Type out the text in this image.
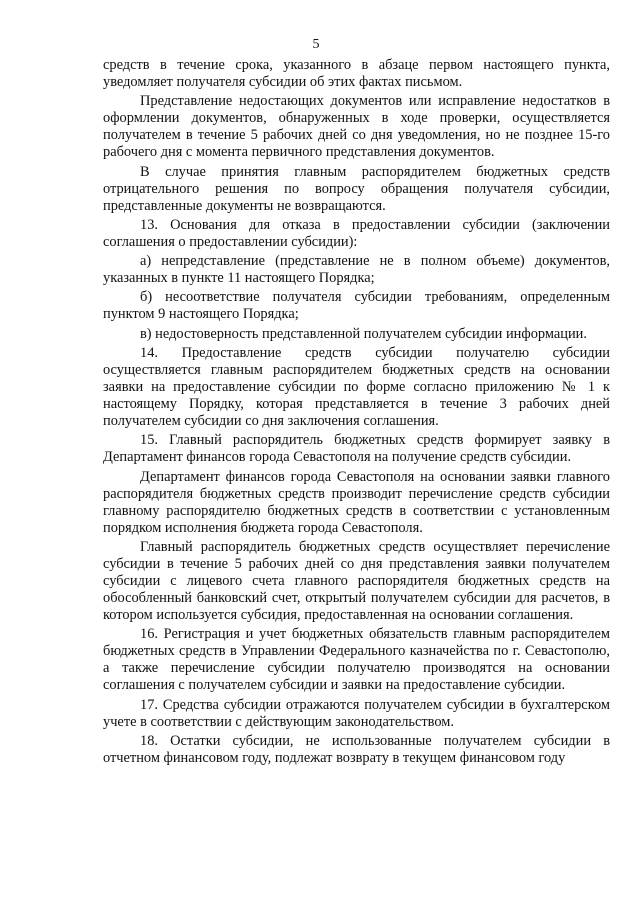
5

средств в течение срока, указанного в абзаце первом настоящего пункта, уведомляет получателя субсидии об этих фактах письмом.

Представление недостающих документов или исправление недостатков в оформлении документов, обнаруженных в ходе проверки, осуществляется получателем в течение 5 рабочих дней со дня уведомления, но не позднее 15-го рабочего дня с момента первичного представления документов.

В случае принятия главным распорядителем бюджетных средств отрицательного решения по вопросу обращения получателя субсидии, представленные документы не возвращаются.

13. Основания для отказа в предоставлении субсидии (заключении соглашения о предоставлении субсидии):

а) непредставление (представление не в полном объеме) документов, указанных в пункте 11 настоящего Порядка;

б) несоответствие получателя субсидии требованиям, определенным пунктом 9 настоящего Порядка;

в) недостоверность представленной получателем субсидии информации.

14. Предоставление средств субсидии получателю субсидии осуществляется главным распорядителем бюджетных средств на основании заявки на предоставление субсидии по форме согласно приложению № 1 к настоящему Порядку, которая представляется в течение 3 рабочих дней получателем субсидии со дня заключения соглашения.

15. Главный распорядитель бюджетных средств формирует заявку в Департамент финансов города Севастополя на получение средств субсидии.

Департамент финансов города Севастополя на основании заявки главного распорядителя бюджетных средств производит перечисление средств субсидии главному распорядителю бюджетных средств в соответствии с установленным порядком исполнения бюджета города Севастополя.

Главный распорядитель бюджетных средств осуществляет перечисление субсидии в течение 5 рабочих дней со дня представления заявки получателем субсидии с лицевого счета главного распорядителя бюджетных средств на обособленный банковский счет, открытый получателем субсидии для расчетов, в котором используется субсидия, предоставленная на основании соглашения.

16. Регистрация и учет бюджетных обязательств главным распорядителем бюджетных средств в Управлении Федерального казначейства по г. Севастополю, а также перечисление субсидии получателю производятся на основании соглашения с получателем субсидии и заявки на предоставление субсидии.

17. Средства субсидии отражаются получателем субсидии в бухгалтерском учете в соответствии с действующим законодательством.

18. Остатки субсидии, не использованные получателем субсидии в отчетном финансовом году, подлежат возврату в текущем финансовом году
